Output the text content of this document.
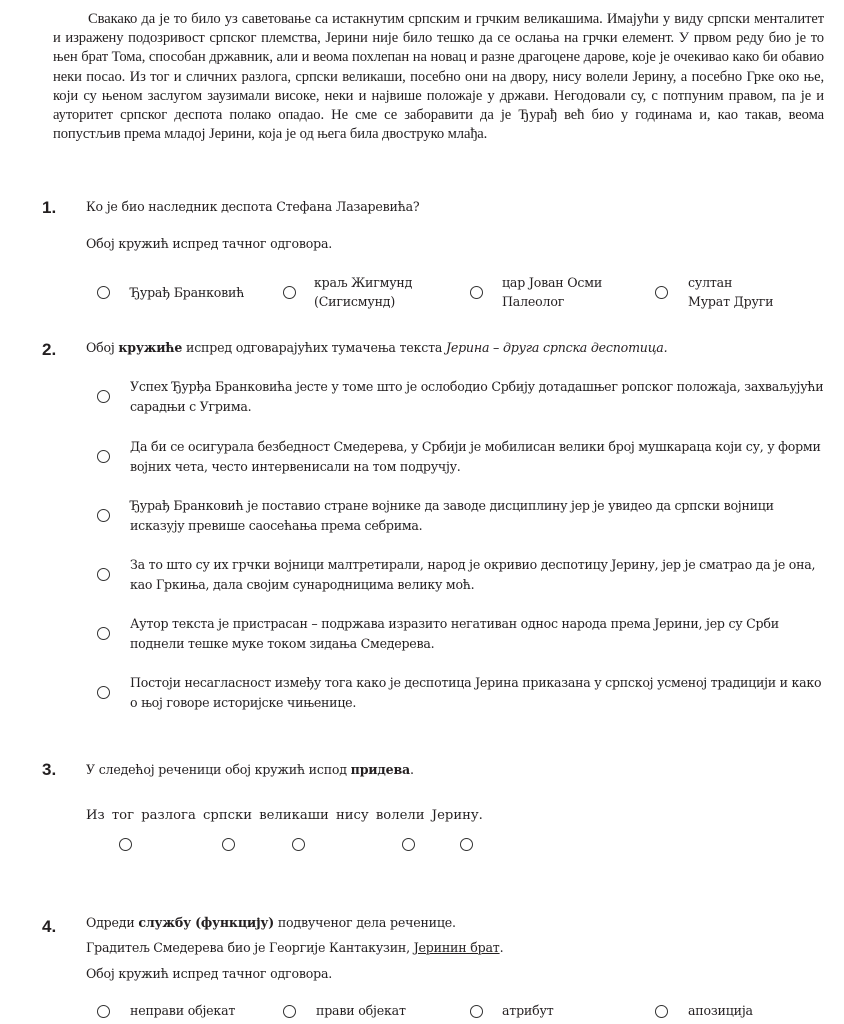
Свакако да је то било уз саветовање са истакнутим српским и грчким великашима. Имајући у виду српски менталитет и изражену подозривост српског племства, Јерини није било тешко да се ослања на грчки елемент. У првом реду био је то њен брат Тома, способан државник, али и веома похлепан на новац и разне драгоцене дарове, које је очекивао како би обавио неки посао. Из тог и сличних разлога, српски великаши, посебно они на двору, нису волели Јерину, а посебно Грке око ње, који су њеном заслугом заузимали високе, неки и највише положаје у држави. Негодовали су, с потпуним правом, па је и ауторитет српског деспота полако опадао. Не сме се заборавити да је Ђурађ већ био у годинама и, као такав, веома попустљив према младој Јерини, која је од њега била двоструко млађа.
1. Ко је био наследник деспота Стефана Лазаревића?
Обој кружић испред тачног одговора.
Ђурађ Бранковић
краљ Жигмунд
(Сигисмунд)
цар Јован Осми
Палеолог
султан
Мурат Други
2. Обој кружиће испред одговарајућих тумачења текста Јерина – друга српска деспотица.
Успех Ђурђа Бранковића јесте у томе што је ослободио Србију дотадашњег ропског положаја, захваљујући сарадњи с Угрима.
Да би се осигурала безбедност Смедерева, у Србији је мобилисан велики број мушкараца који су, у форми војних чета, често интервенисали на том подручју.
Ђурађ Бранковић је поставио стране војнике да заводе дисциплину јер је увидео да српски војници исказују превише саосећања према себрима.
За то што су их грчки војници малтретирали, народ је окривио деспотицу Јерину, јер је сматрао да је она, као Гркиња, дала својим сународницима велику моћ.
Аутор текста је пристрасан – подржава изразито негативан однос народа према Јерини, јер су Срби поднели тешке муке током зидања Смедерева.
Постоји несагласност између тога како је деспотица Јерина приказана у српској усменој традицији и како о њој говоре историјске чињенице.
3. У следећој реченици обој кружић испод придева.
Из тог разлога српски великаши нису волели Јерину.
4. Одреди службу (функцију) подвученог дела реченице.
Градитељ Смедерева био је Георгије Кантакузин, Јеринин брат.
Обој кружић испред тачног одговора.
неправи објекат	прави објекат	атрибут	апозиција
